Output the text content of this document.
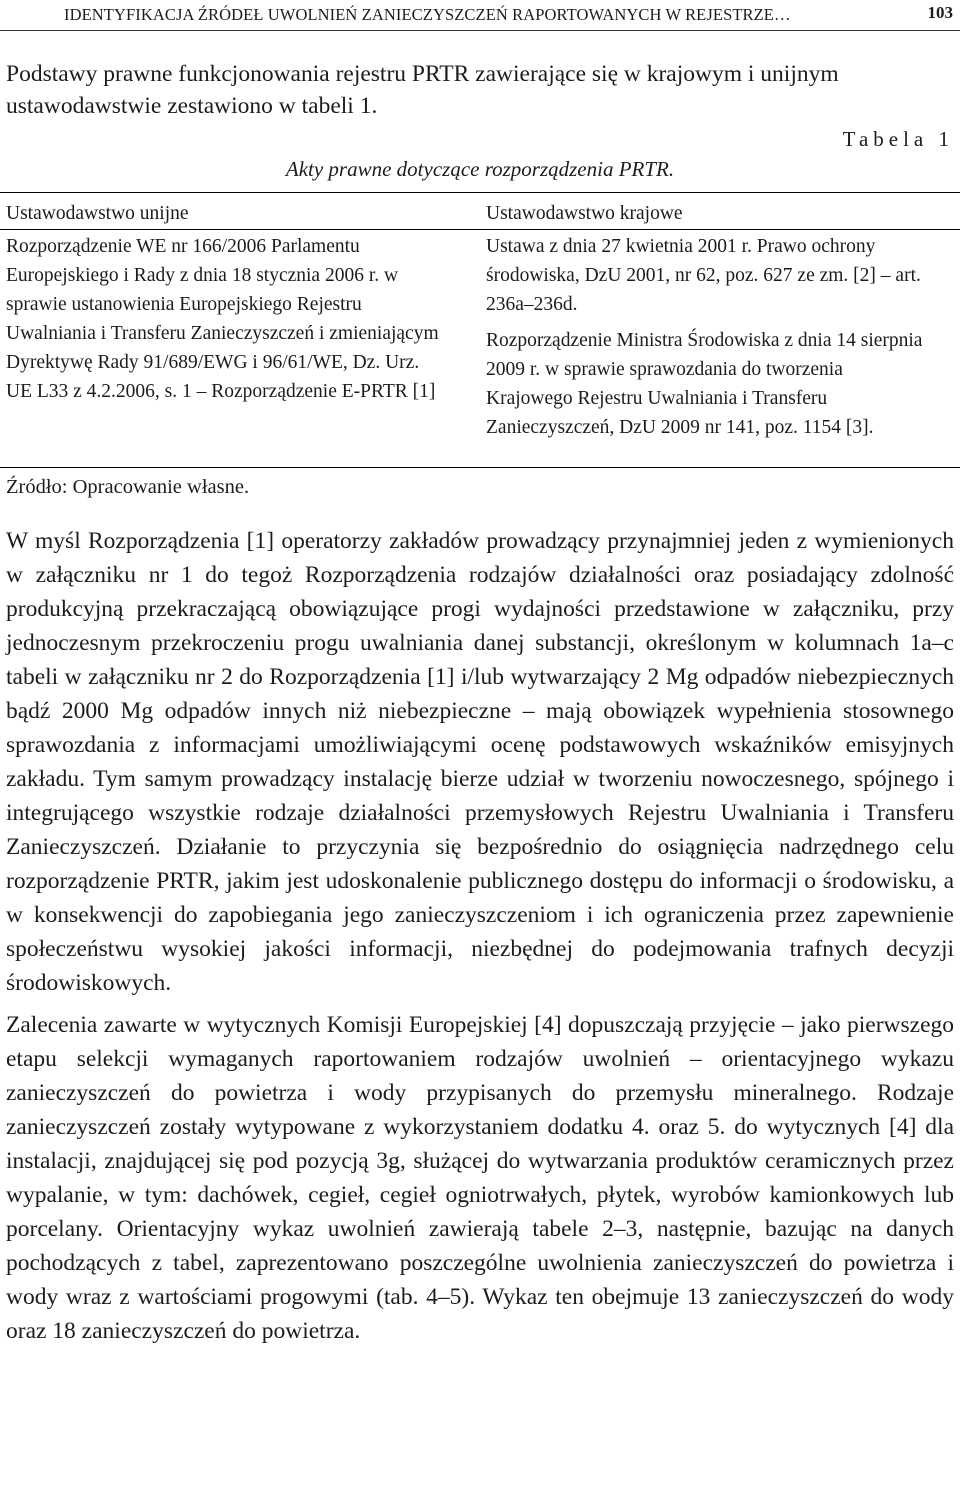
IDENTYFIKACJA ŹRÓDEŁ UWOLNIEŃ ZANIECZYSZCZEŃ RAPORTOWANYCH W REJESTRZE…	103
Podstawy prawne funkcjonowania rejestru PRTR zawierające się w krajowym i unijnym ustawodawstwie zestawiono w tabeli 1.
Tabela 1
Akty prawne dotyczące rozporządzenia PRTR.
Ustawodawstwo unijne	Ustawodawstwo krajowe
Rozporządzenie WE nr 166/2006 Parlamentu Europejskiego i Rady z dnia 18 stycznia 2006 r. w sprawie ustanowienia Europejskiego Rejestru Uwalniania i Transferu Zanieczyszczeń i zmieniającym Dyrektywę Rady 91/689/EWG i 96/61/WE, Dz. Urz. UE L33 z 4.2.2006, s. 1 – Rozporządzenie E-PRTR [1]
Ustawa z dnia 27 kwietnia 2001 r. Prawo ochrony środowiska, DzU 2001, nr 62, poz. 627 ze zm. [2] – art. 236a–236d.
Rozporządzenie Ministra Środowiska z dnia 14 sierpnia 2009 r. w sprawie sprawozdania do tworzenia Krajowego Rejestru Uwalniania i Transferu Zanieczyszczeń, DzU 2009 nr 141, poz. 1154 [3].
Źródło: Opracowanie własne.

W myśl Rozporządzenia [1] operatorzy zakładów prowadzący przynajmniej jeden z wymienionych w załączniku nr 1 do tegoż Rozporządzenia rodzajów działalności oraz posiadający zdolność produkcyjną przekraczającą obowiązujące progi wydajności przedstawione w załączniku, przy jednoczesnym przekroczeniu progu uwalniania danej substancji, określonym w kolumnach 1a–c tabeli w załączniku nr 2 do Rozporządzenia [1] i/lub wytwarzający 2 Mg odpadów niebezpiecznych bądź 2000 Mg odpadów innych niż niebezpieczne – mają obowiązek wypełnienia stosownego sprawozdania z informacjami umożliwiającymi ocenę podstawowych wskaźników emisyjnych zakładu. Tym samym prowadzący instalację bierze udział w tworzeniu nowoczesnego, spójnego i integrującego wszystkie rodzaje działalności przemysłowych Rejestru Uwalniania i Transferu Zanieczyszczeń. Działanie to przyczynia się bezpośrednio do osiągnięcia nadrzędnego celu rozporządzenie PRTR, jakim jest udoskonalenie publicznego dostępu do informacji o środowisku, a w konsekwencji do zapobiegania jego zanieczyszczeniom i ich ograniczenia przez zapewnienie społeczeństwu wysokiej jakości informacji, niezbędnej do podejmowania trafnych decyzji środowiskowych.

Zalecenia zawarte w wytycznych Komisji Europejskiej [4] dopuszczają przyjęcie – jako pierwszego etapu selekcji wymaganych raportowaniem rodzajów uwolnień – orientacyjnego wykazu zanieczyszczeń do powietrza i wody przypisanych do przemysłu mineralnego. Rodzaje zanieczyszczeń zostały wytypowane z wykorzystaniem dodatku 4. oraz 5. do wytycznych [4] dla instalacji, znajdującej się pod pozycją 3g, służącej do wytwarzania produktów ceramicznych przez wypalanie, w tym: dachówek, cegieł, cegieł ogniotrwałych, płytek, wyrobów kamionkowych lub porcelany. Orientacyjny wykaz uwolnień zawierają tabele 2–3, następnie, bazując na danych pochodzących z tabel, zaprezentowano poszczególne uwolnienia zanieczyszczeń do powietrza i wody wraz z wartościami progowymi (tab. 4–5). Wykaz ten obejmuje 13 zanieczyszczeń do wody oraz 18 zanieczyszczeń do powietrza.
